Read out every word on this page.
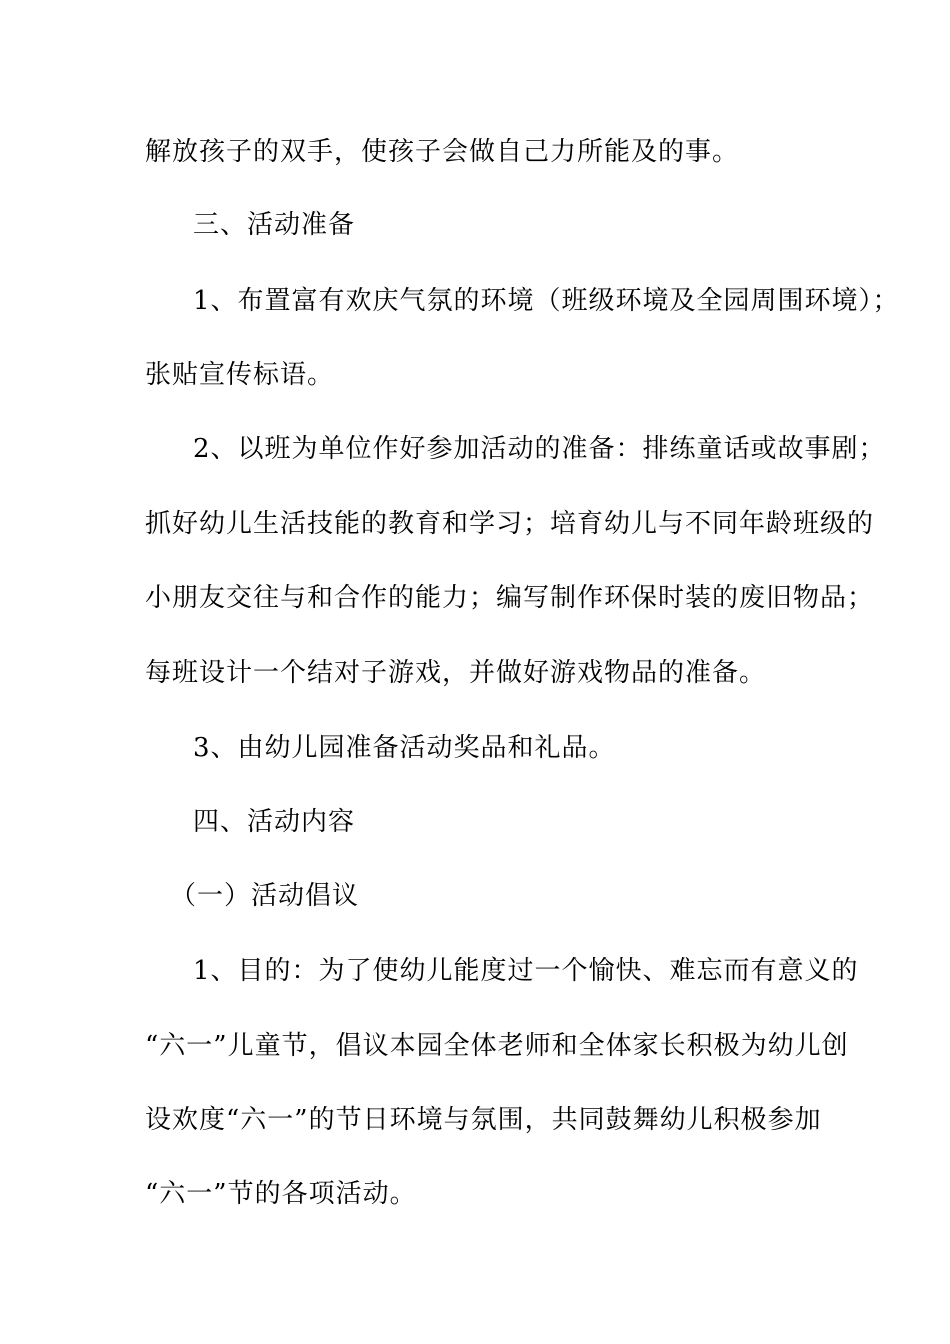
解放孩子的双手，使孩子会做自己力所能及的事。
三、活动准备
1、布置富有欢庆气氛的环境（班级环境及全园周围环境）；
张贴宣传标语。
2、以班为单位作好参加活动的准备：排练童话或故事剧；
抓好幼儿生活技能的教育和学习；培育幼儿与不同年龄班级的
小朋友交往与和合作的能力；编写制作环保时装的废旧物品；
每班设计一个结对子游戏，并做好游戏物品的准备。
3、由幼儿园准备活动奖品和礼品。
四、活动内容
（一）活动倡议
1、目的：为了使幼儿能度过一个愉快、难忘而有意义的
“六一”儿童节，倡议本园全体老师和全体家长积极为幼儿创
设欢度“六一”的节日环境与氛围，共同鼓舞幼儿积极参加
“六一”节的各项活动。
